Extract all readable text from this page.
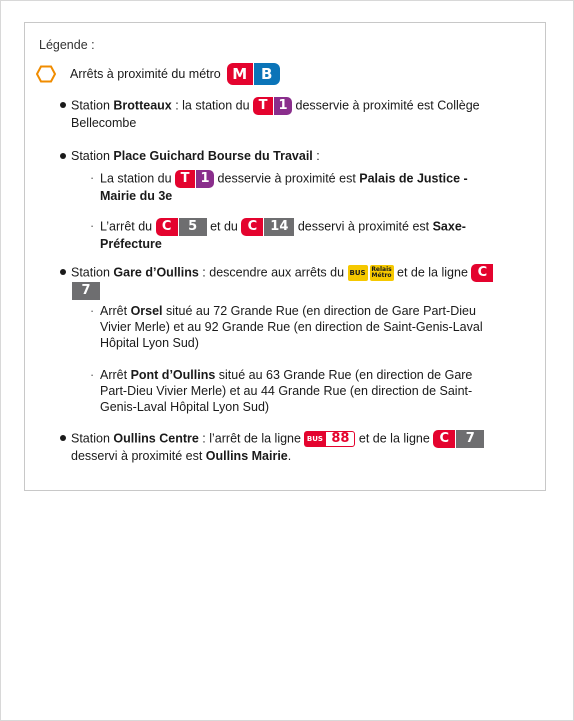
Légende :
Arrêts à proximité du métro M B
Station Brotteaux : la station du T 1 desservie à proximité est Collège Bellecombe
Station Place Guichard Bourse du Travail :
· La station du T 1 desservie à proximité est Palais de Justice - Mairie du 3e
· L’arrêt du C 5 et du C 14 desservi à proximité est Saxe-Préfecture
Station Gare d’Oullins : descendre aux arrêts du BUS Relais
Métro et de la ligne C7
· Arrêt Orsel situé au 72 Grande Rue (en direction de Gare Part-Dieu Vivier Merle) et au 92 Grande Rue (en direction de Saint-Genis-Laval Hôpital Lyon Sud)
· Arrêt Pont d’Oullins situé au 63 Grande Rue (en direction de Gare Part-Dieu Vivier Merle) et au 44 Grande Rue (en direction de Saint-Genis-Laval Hôpital Lyon Sud)
Station Oullins Centre : l’arrêt de la ligne BUS 88 et de la ligne C 7 desservi à proximité est Oullins Mairie.
